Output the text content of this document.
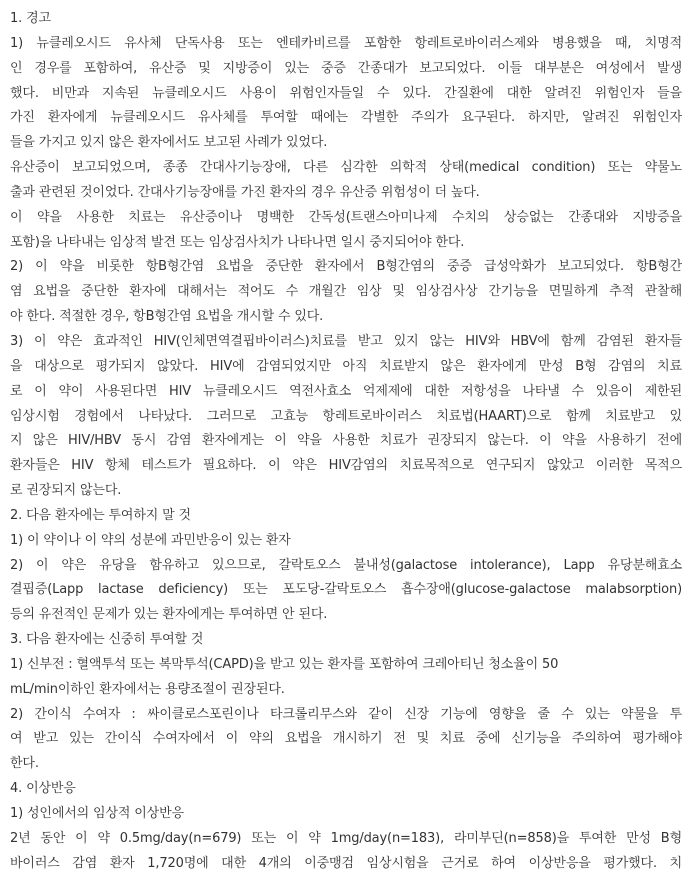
1. 경고
1) 뉴클레오시드 유사체 단독사용 또는 엔테카비르를 포함한 항레트로바이러스제와 병용했을 때, 치명적
인 경우를 포함하여, 유산증 및 지방증이 있는 중증 간종대가 보고되었다. 이들 대부분은 여성에서 발생
했다. 비만과 지속된 뉴클레오시드 사용이 위험인자들일 수 있다. 간질환에 대한 알려진 위험인자 들을
가진 환자에게 뉴클레오시드 유사체를 투여할 때에는 각별한 주의가 요구된다. 하지만, 알려진 위험인자
들을 가지고 있지 않은 환자에서도 보고된 사례가 있었다.
유산증이 보고되었으며, 종종 간대사기능장애, 다른 심각한 의학적 상태(medical condition) 또는 약물노
출과 관련된 것이었다. 간대사기능장애를 가진 환자의 경우 유산증 위험성이 더 높다.
이 약을 사용한 치료는 유산증이나 명백한 간독성(트랜스아미나제 수치의 상승없는 간종대와 지방증을
포함)을 나타내는 임상적 발견 또는 임상검사치가 나타나면 일시 중지되어야 한다.
2) 이 약을 비롯한 항B형간염 요법을 중단한 환자에서 B형간염의 중증 급성악화가 보고되었다. 항B형간
염 요법을 중단한 환자에 대해서는 적어도 수 개월간 임상 및 임상검사상 간기능을 면밀하게 추적 관찰해
야 한다. 적절한 경우, 항B형간염 요법을 개시할 수 있다.
3) 이 약은 효과적인 HIV(인체면역결핍바이러스)치료를 받고 있지 않는 HIV와 HBV에 함께 감염된 환자들
을 대상으로 평가되지 않았다. HIV에 감염되었지만 아직 치료받지 않은 환자에게 만성 B형 감염의 치료
로 이 약이 사용된다면 HIV 뉴클레오시드 역전사효소 억제제에 대한 저항성을 나타낼 수 있음이 제한된
임상시험 경험에서 나타났다. 그러므로 고효능 항레트로바이러스 치료법(HAART)으로 함께 치료받고 있
지 않은 HIV/HBV 동시 감염 환자에게는 이 약을 사용한 치료가 권장되지 않는다. 이 약을 사용하기 전에
환자들은 HIV 항체 테스트가 필요하다. 이 약은 HIV감염의 치료목적으로 연구되지 않았고 이러한 목적으
로 권장되지 않는다.
2. 다음 환자에는 투여하지 말 것
1) 이 약이나 이 약의 성분에 과민반응이 있는 환자
2) 이 약은 유당을 함유하고 있으므로, 갈락토오스 불내성(galactose intolerance), Lapp 유당분해효소
결핍증(Lapp lactase deficiency) 또는 포도당-갈락토오스 흡수장애(glucose-galactose malabsorption)
등의 유전적인 문제가 있는 환자에게는 투여하면 안 된다.
3. 다음 환자에는 신중히 투여할 것
1) 신부전 : 혈액투석 또는 복막투석(CAPD)을 받고 있는 환자를 포함하여 크레아티닌 청소율이 50
mL/min이하인 환자에서는 용량조절이 권장된다.
2) 간이식 수여자 : 싸이클로스포린이나 타크롤리무스와 같이 신장 기능에 영향을 줄 수 있는 약물을 투
여 받고 있는 간이식 수여자에서 이 약의 요법을 개시하기 전 및 치료 중에 신기능을 주의하여 평가해야
한다.
4. 이상반응
1) 성인에서의 임상적 이상반응
2년 동안 이 약 0.5mg/day(n=679) 또는 이 약 1mg/day(n=183), 라미부딘(n=858)을 투여한 만성 B형
바이러스 감염 환자 1,720명에 대한 4개의 이중맹검 임상시험을 근거로 하여 이상반응을 평가했다. 치
